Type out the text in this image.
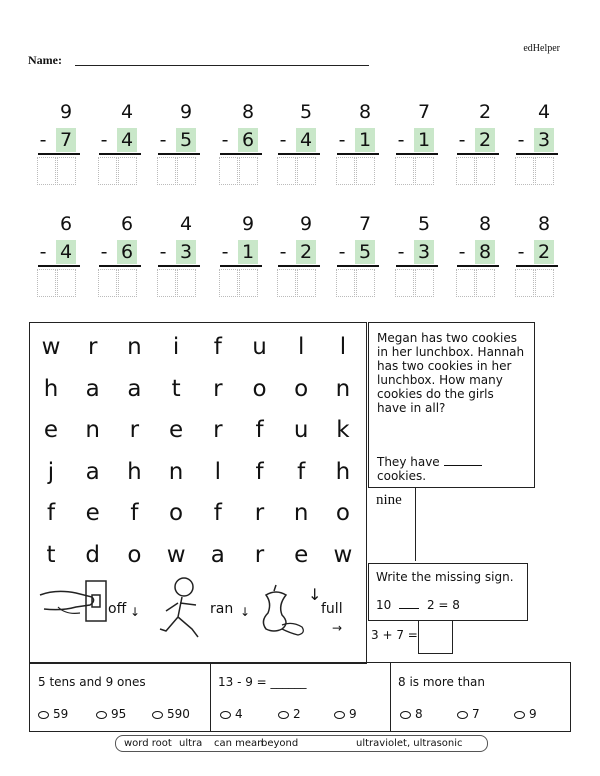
edHelper
Name:
9
- 7
4
- 4
9
- 5
8
- 6
5
- 4
8
- 1
7
- 1
2
- 2
4
- 3
6
- 4
6
- 6
4
- 3
9
- 1
9
- 2
7
- 5
5
- 3
8
- 8
8
- 2
w	r	n	i	f	u	l	l
h	a	a	t	r	o	o	n
e	n	r	e	r	f	u	k
j	a	h	n	l	f	f	h
f	e	f	o	f	r	n	o
t	d	o	w	a	r	e	w
off ↓	ran ↓
↓
full
→
Megan has two cookies in her lunchbox. Hannah has two cookies in her lunchbox. How many cookies do the girls have in all?
They have  cookies.
nine
Write the missing sign.
10	2 = 8
3 + 7 =
5 tens and 9 ones
59	95	590
13 - 9 = ______
4	2	9
8 is more than
8	7	9
word root ultra can mean
beyond	ultraviolet, ultrasonic
